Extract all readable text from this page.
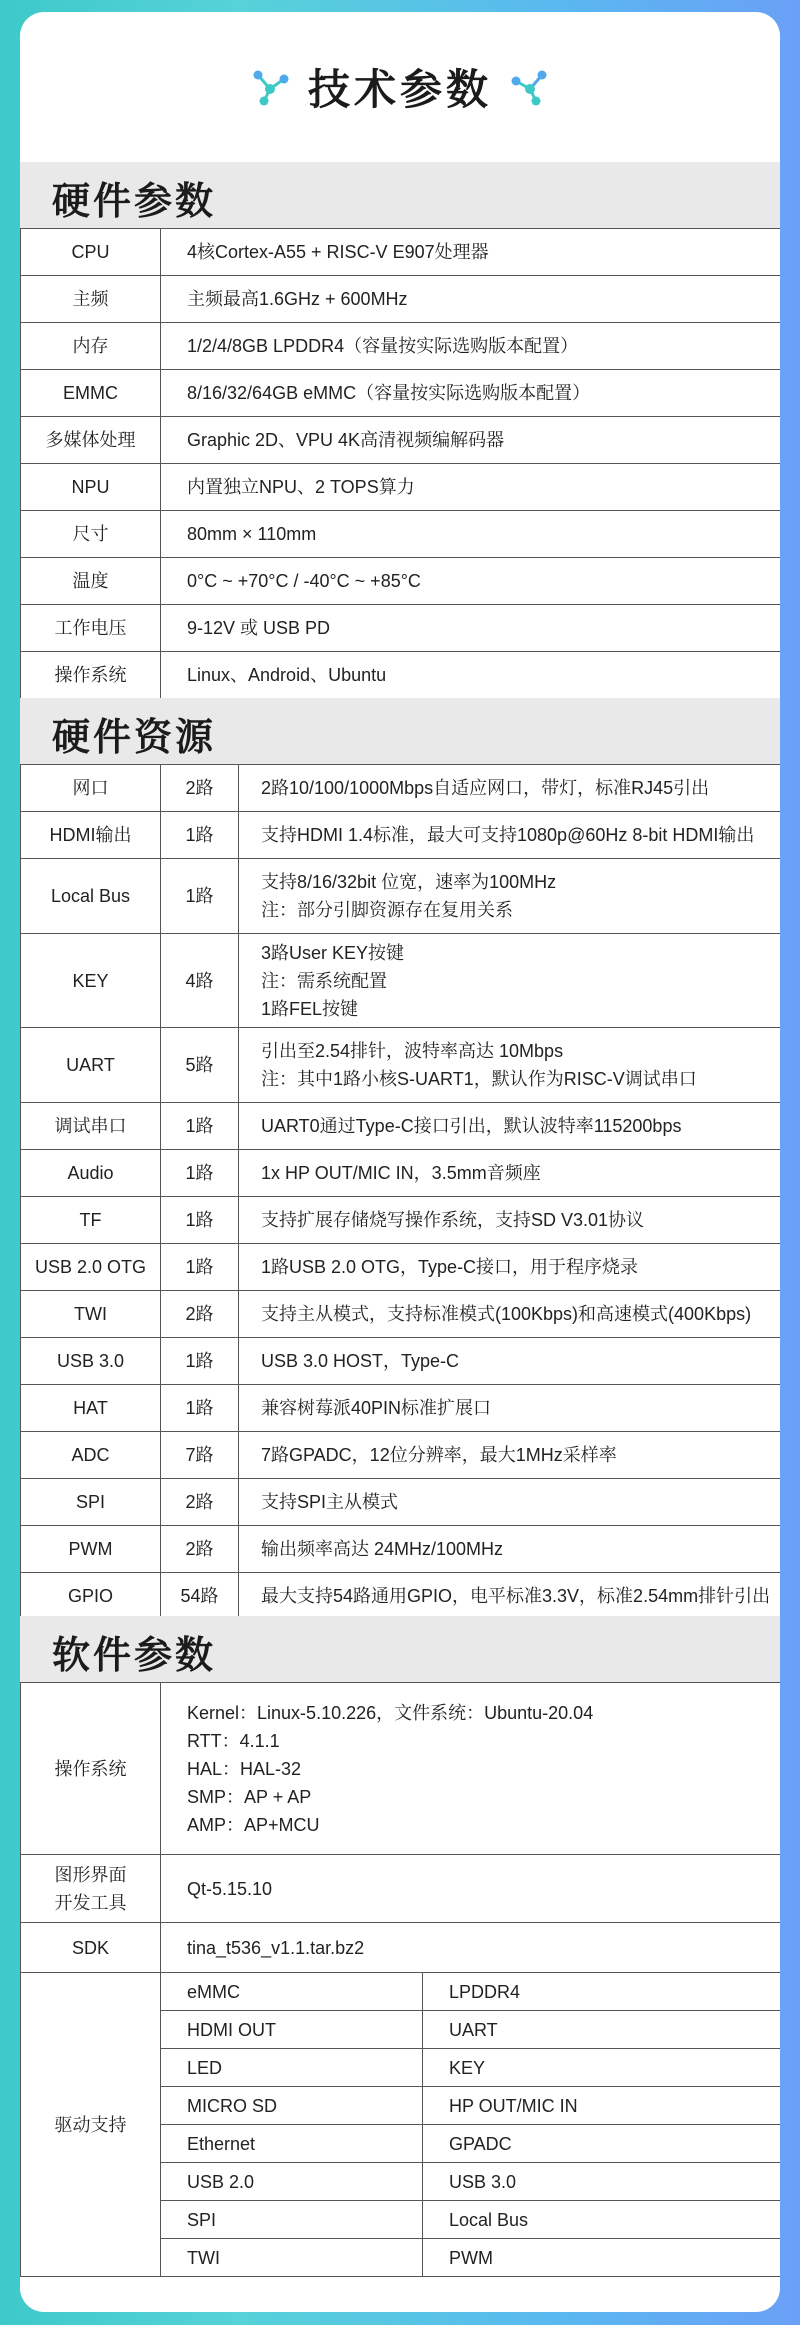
技术参数
硬件参数
CPU	4核Cortex-A55 + RISC-V E907处理器
主频	主频最高1.6GHz + 600MHz
内存	1/2/4/8GB LPDDR4（容量按实际选购版本配置）
EMMC	8/16/32/64GB eMMC（容量按实际选购版本配置）
多媒体处理	Graphic 2D、VPU 4K高清视频编解码器
NPU	内置独立NPU、2 TOPS算力
尺寸	80mm × 110mm
温度	0°C ~ +70°C / -40°C ~ +85°C
工作电压	9-12V 或 USB PD
操作系统	Linux、Android、Ubuntu
硬件资源
网口	2路	2路10/100/1000Mbps自适应网口，带灯，标准RJ45引出

HDMI输出	1路	支持HDMI 1.4标准，最大可支持1080p@60Hz 8-bit HDMI输出

Local Bus	1路	支持8/16/32bit 位宽，速率为100MHz
注：部分引脚资源存在复用关系

KEY	4路	3路User KEY按键
注：需系统配置
1路FEL按键

UART	5路	引出至2.54排针，波特率高达 10Mbps
注：其中1路小核S-UART1，默认作为RISC-V调试串口

调试串口	1路	UART0通过Type-C接口引出，默认波特率115200bps

Audio	1路	1x HP OUT/MIC IN，3.5mm音频座

TF	1路	支持扩展存储烧写操作系统，支持SD V3.01协议

USB 2.0 OTG	1路	1路USB 2.0 OTG，Type-C接口，用于程序烧录

TWI	2路	支持主从模式，支持标准模式(100Kbps)和高速模式(400Kbps)

USB 3.0	1路	USB 3.0 HOST，Type-C

HAT	1路	兼容树莓派40PIN标准扩展口

ADC	7路	7路GPADC，12位分辨率，最大1MHz采样率

SPI	2路	支持SPI主从模式

PWM	2路	输出频率高达 24MHz/100MHz

GPIO	54路	最大支持54路通用GPIO，电平标准3.3V，标准2.54mm排针引出
软件参数
操作系统	Kernel：Linux-5.10.226，文件系统：Ubuntu-20.04
RTT：4.1.1
HAL：HAL-32
SMP：AP + AP
AMP：AP+MCU	

图形界面
开发工具	Qt-5.15.10	
SDK	tina_t536_v1.1.tar.bz2	
驱动支持	eMMC	LPDDR4
	HDMI OUT	UART
	LED	KEY
	MICRO SD	HP OUT/MIC IN
	Ethernet	GPADC
	USB 2.0	USB 3.0
	SPI	Local Bus
	TWI	PWM
